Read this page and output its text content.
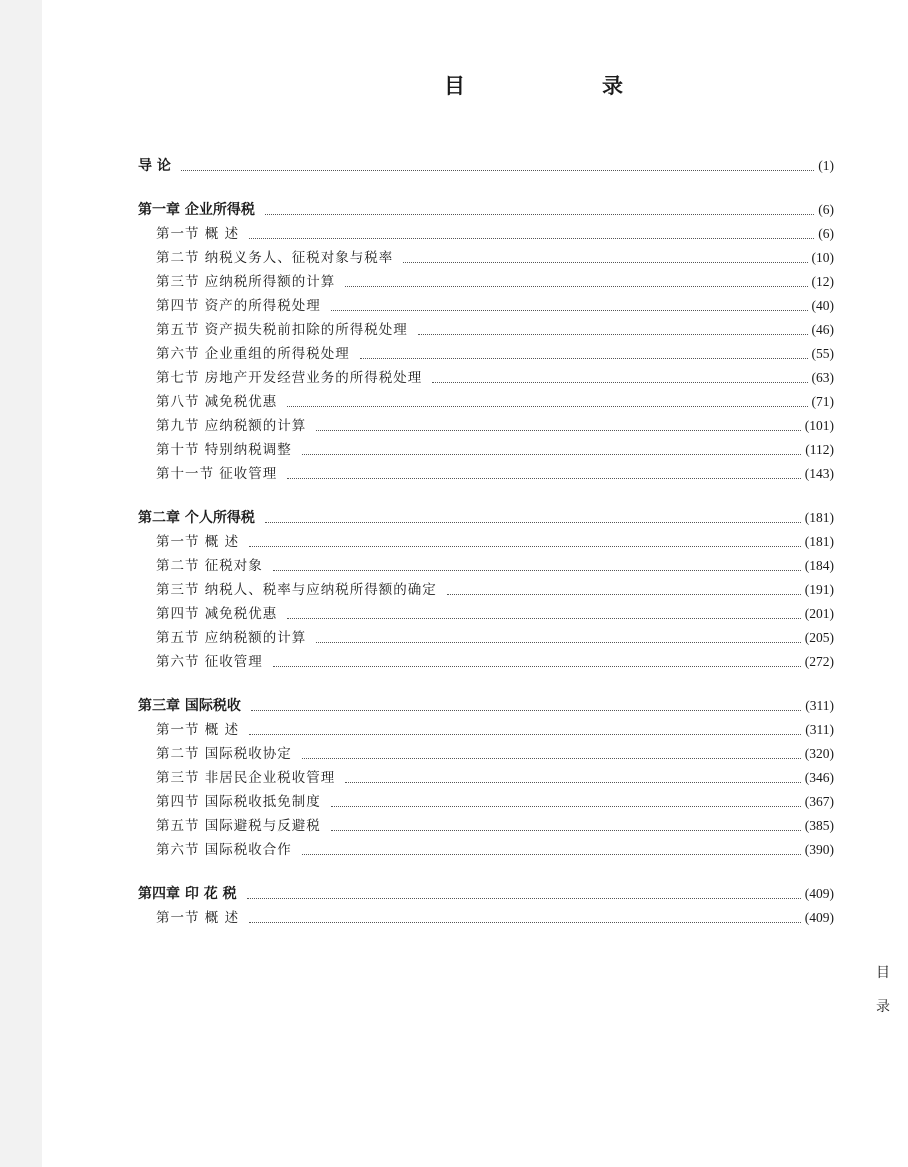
目　录
导 论	(1)
第一章 企业所得税	(6)
第一节 概 述	(6)
第二节 纳税义务人、征税对象与税率	(10)
第三节 应纳税所得额的计算	(12)
第四节 资产的所得税处理	(40)
第五节 资产损失税前扣除的所得税处理	(46)
第六节 企业重组的所得税处理	(55)
第七节 房地产开发经营业务的所得税处理	(63)
第八节 减免税优惠	(71)
第九节 应纳税额的计算	(101)
第十节 特别纳税调整	(112)
第十一节 征收管理	(143)
第二章 个人所得税	(181)
第一节 概 述	(181)
第二节 征税对象	(184)
第三节 纳税人、税率与应纳税所得额的确定	(191)
第四节 减免税优惠	(201)
第五节 应纳税额的计算	(205)
第六节 征收管理	(272)
第三章 国际税收	(311)
第一节 概 述	(311)
第二节 国际税收协定	(320)
第三节 非居民企业税收管理	(346)
第四节 国际税收抵免制度	(367)
第五节 国际避税与反避税	(385)
第六节 国际税收合作	(390)
第四章 印 花 税	(409)
第一节 概 述	(409)
目
录
